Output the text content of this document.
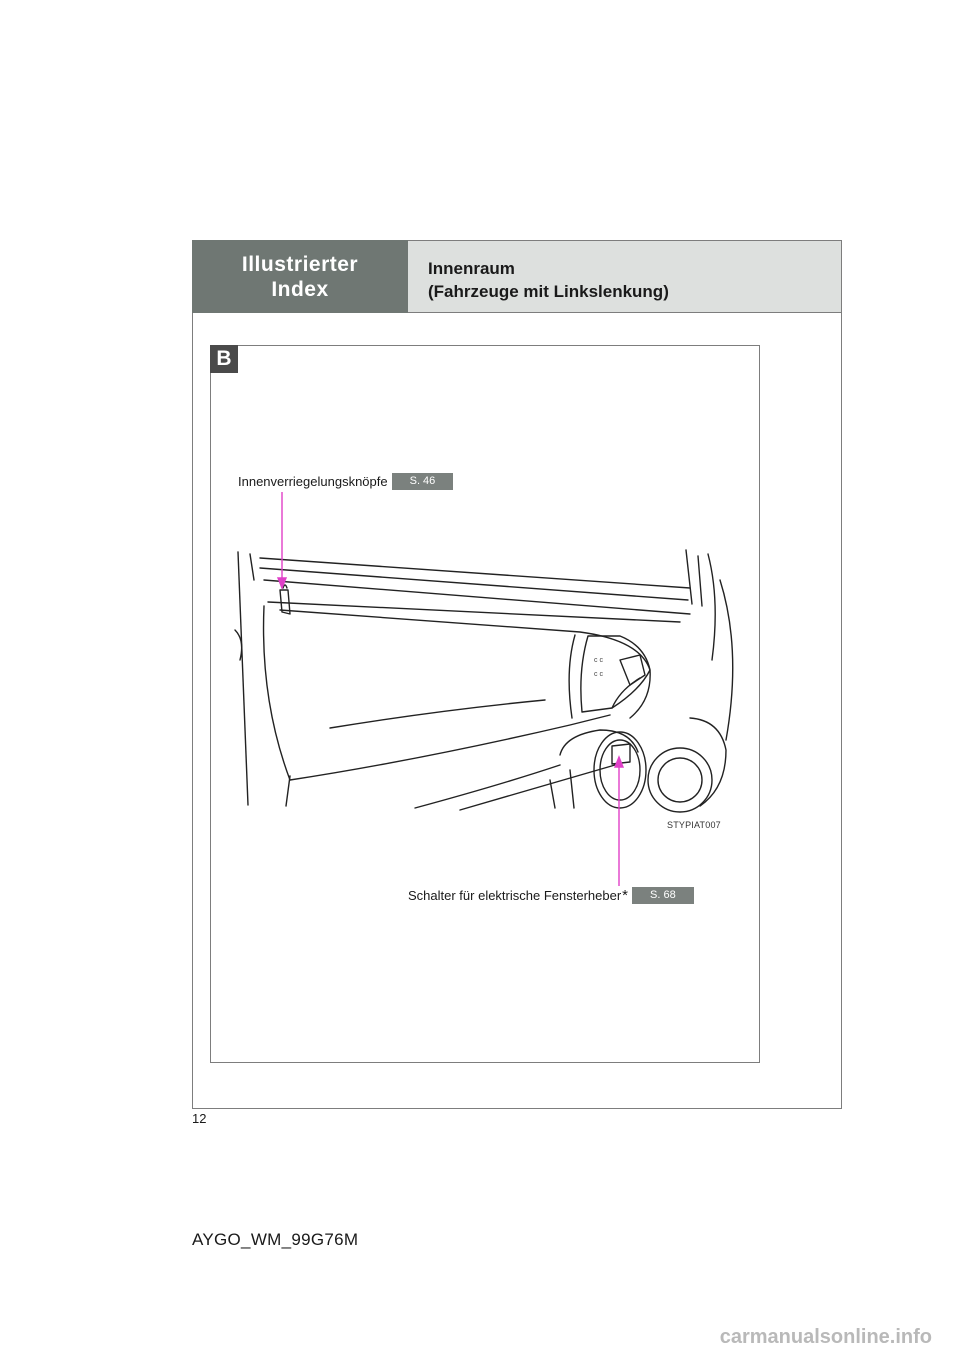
Illustrierter
Index
Innenraum
(Fahrzeuge mit Linkslenkung)
B
Innenverriegelungsknöpfe	S. 46
c c
c c
STYPIAT007
Schalter für elektrische Fensterheber *	S. 68
12
AYGO_WM_99G76M
carmanualsonline.info
